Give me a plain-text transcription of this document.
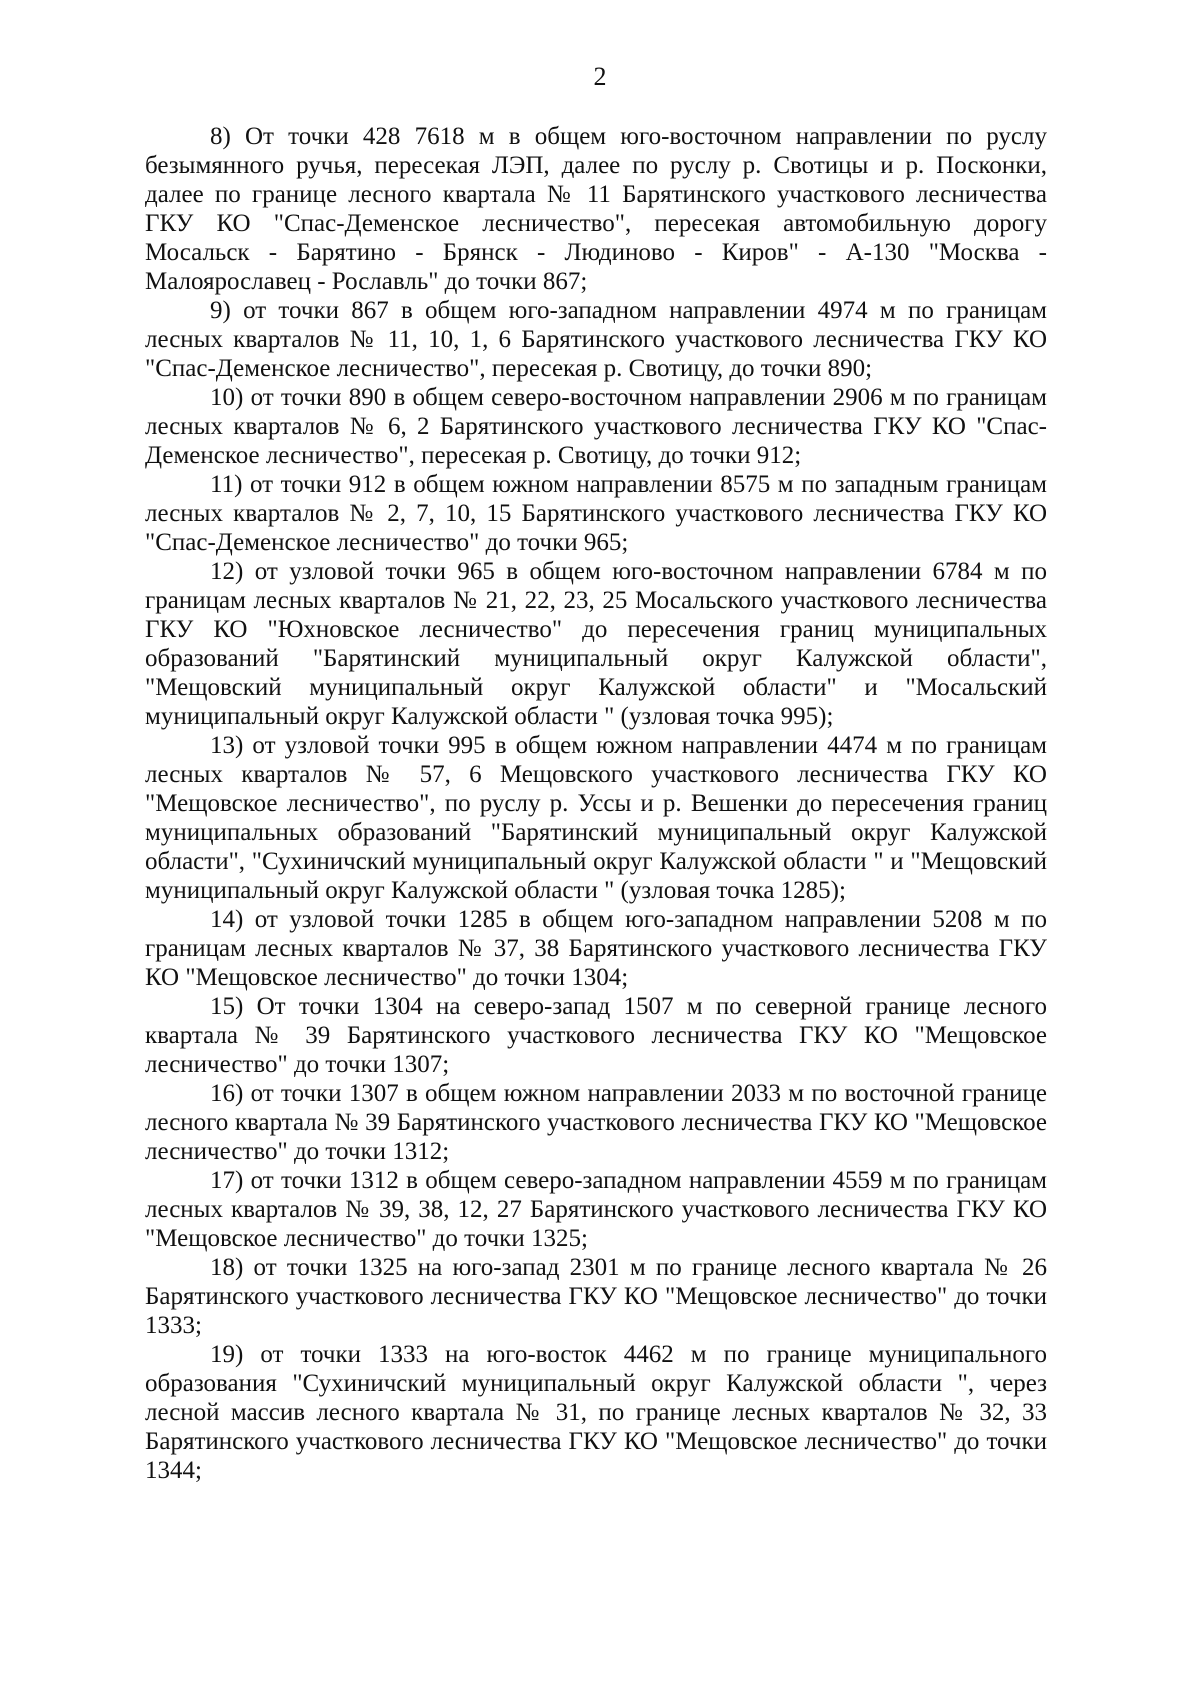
2

8) От точки 428 7618 м в общем юго-восточном направлении по руслу безымянного ручья, пересекая ЛЭП, далее по руслу р. Свотицы и р. Посконки, далее по границе лесного квартала № 11 Барятинского участкового лесничества ГКУ КО "Спас-Деменское лесничество", пересекая автомобильную дорогу Мосальск - Барятино - Брянск - Людиново - Киров" - А-130 "Москва - Малоярославец - Рославль" до точки 867;

9) от точки 867 в общем юго-западном направлении 4974 м по границам лесных кварталов № 11, 10, 1, 6 Барятинского участкового лесничества ГКУ КО "Спас-Деменское лесничество", пересекая р. Свотицу, до точки 890;

10) от точки 890 в общем северо-восточном направлении 2906 м по границам лесных кварталов № 6, 2 Барятинского участкового лесничества ГКУ КО "Спас-Деменское лесничество", пересекая р. Свотицу, до точки 912;

11) от точки 912 в общем южном направлении 8575 м по западным границам лесных кварталов № 2, 7, 10, 15 Барятинского участкового лесничества ГКУ КО "Спас-Деменское лесничество" до точки 965;

12) от узловой точки 965 в общем юго-восточном направлении 6784 м по границам лесных кварталов № 21, 22, 23, 25 Мосальского участкового лесничества ГКУ КО "Юхновское лесничество" до пересечения границ муниципальных образований "Барятинский муниципальный округ Калужской области", "Мещовский муниципальный округ Калужской области" и "Мосальский муниципальный округ Калужской области " (узловая точка 995);

13) от узловой точки 995 в общем южном направлении 4474 м по границам лесных кварталов № 57, 6 Мещовского участкового лесничества ГКУ КО "Мещовское лесничество", по руслу р. Уссы и р. Вешенки до пересечения границ муниципальных образований "Барятинский муниципальный округ Калужской области", "Сухиничский муниципальный округ Калужской области " и "Мещовский муниципальный округ Калужской области " (узловая точка 1285);

14) от узловой точки 1285 в общем юго-западном направлении 5208 м по границам лесных кварталов № 37, 38 Барятинского участкового лесничества ГКУ КО "Мещовское лесничество" до точки 1304;

15) От точки 1304 на северо-запад 1507 м по северной границе лесного квартала № 39 Барятинского участкового лесничества ГКУ КО "Мещовское лесничество" до точки 1307;

16) от точки 1307 в общем южном направлении 2033 м по восточной границе лесного квартала № 39 Барятинского участкового лесничества ГКУ КО "Мещовское лесничество" до точки 1312;

17) от точки 1312 в общем северо-западном направлении 4559 м по границам лесных кварталов № 39, 38, 12, 27 Барятинского участкового лесничества ГКУ КО "Мещовское лесничество" до точки 1325;

18) от точки 1325 на юго-запад 2301 м по границе лесного квартала № 26 Барятинского участкового лесничества ГКУ КО "Мещовское лесничество" до точки 1333;

19) от точки 1333 на юго-восток 4462 м по границе муниципального образования "Сухиничский муниципальный округ Калужской области ", через лесной массив лесного квартала № 31, по границе лесных кварталов № 32, 33 Барятинского участкового лесничества ГКУ КО "Мещовское лесничество" до точки 1344;
